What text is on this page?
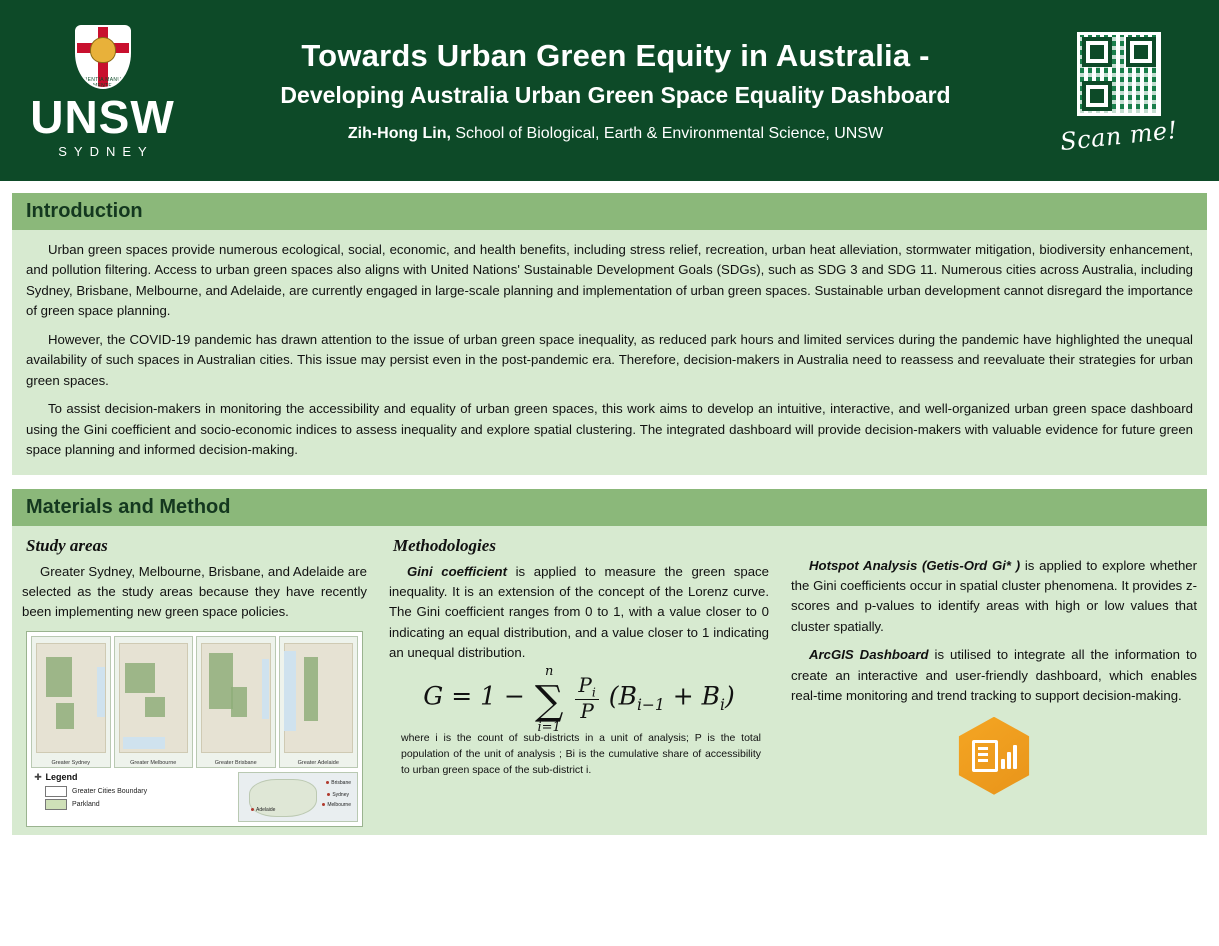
SCIENTIA MANU E MENTE
UNSW
SYDNEY
Towards Urban Green Equity in Australia -
Developing Australia Urban Green Space Equality Dashboard
Zih-Hong Lin, School of Biological, Earth & Environmental Science, UNSW	Scan me!
Introduction

Urban green spaces provide numerous ecological, social, economic, and health benefits, including stress relief, recreation, urban heat alleviation, stormwater mitigation, biodiversity enhancement, and pollution filtering. Access to urban green spaces also aligns with United Nations' Sustainable Development Goals (SDGs), such as SDG 3 and SDG 11. Numerous cities across Australia, including Sydney, Brisbane, Melbourne, and Adelaide, are currently engaged in large-scale planning and implementation of urban green spaces. Sustainable urban development cannot disregard the importance of green space planning.

However, the COVID-19 pandemic has drawn attention to the issue of urban green space inequality, as reduced park hours and limited services during the pandemic have highlighted the unequal availability of such spaces in Australian cities. This issue may persist even in the post-pandemic era. Therefore, decision-makers in Australia need to reassess and reevaluate their strategies for urban green spaces.

To assist decision-makers in monitoring the accessibility and equality of urban green spaces, this work aims to develop an intuitive, interactive, and well-organized urban green space dashboard using the Gini coefficient and socio-economic indices to assess inequality and explore spatial clustering. The integrated dashboard will provide decision-makers with valuable evidence for future green space planning and informed decision-making.

Materials and Method
Study areas
Greater Sydney, Melbourne, Brisbane, and Adelaide are selected as the study areas because they have recently been implementing new green space policies.
Greater Sydney	Greater Melbourne	Greater Brisbane	Greater Adelaide
✚ Legend
Greater Cities Boundary
Parkland
Brisbane
Sydney
Melbourne
Adelaide
Methodologies
Gini coefficient is applied to measure the green space inequality. It is an extension of the concept of the Lorenz curve. The Gini coefficient ranges from 0 to 1, with a value closer to 0 indicating an equal distribution, and a value closer to 1 indicating an unequal distribution.
G = 1 −
n
∑
i=1

$\frac{P_i}{P} (B_{i-1} + B_i)$
where i is the count of sub-districts in a unit of analysis; P is the total population of the unit of analysis ; Bi is the cumulative share of accessibility to urban green space of the sub-district i.
Hotspot Analysis (Getis-Ord Gi* ) is applied to explore whether the Gini coefficients occur in spatial cluster phenomena. It provides z-scores and p-values to identify areas with high or low values that cluster spatially.
ArcGIS Dashboard is utilised to integrate all the information to create an interactive and user-friendly dashboard, which enables real-time monitoring and trend tracking to support decision-making.
